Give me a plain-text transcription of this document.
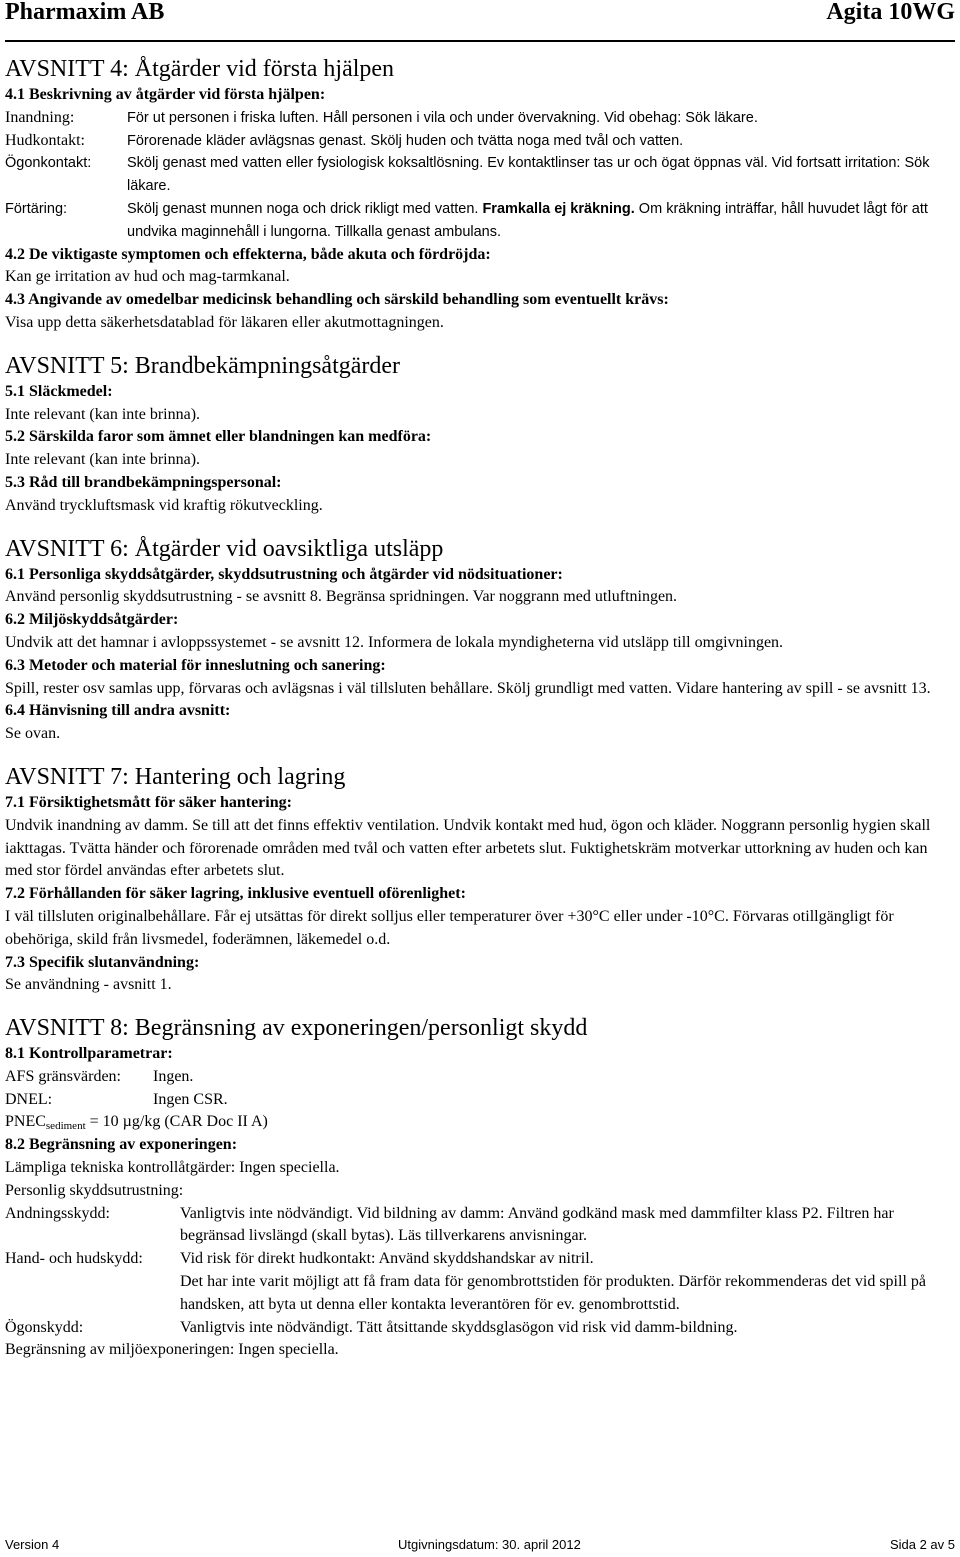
Pharmaxim AB	Agita 10WG
AVSNITT 4: Åtgärder vid första hjälpen
4.1 Beskrivning av åtgärder vid första hjälpen:
Inandning:	För ut personen i friska luften. Håll personen i vila och under övervakning. Vid obehag: Sök läkare.
Hudkontakt:	Förorenade kläder avlägsnas genast. Skölj huden och tvätta noga med tvål och vatten.
Ögonkontakt:	Skölj genast med vatten eller fysiologisk koksaltlösning. Ev kontaktlinser tas ur och ögat öppnas väl. Vid fortsatt irritation: Sök läkare.
Förtäring:	Skölj genast munnen noga och drick rikligt med vatten. Framkalla ej kräkning. Om kräkning inträffar, håll huvudet lågt för att undvika maginnehåll i lungorna. Tillkalla genast ambulans.
4.2 De viktigaste symptomen och effekterna, både akuta och fördröjda:
Kan ge irritation av hud och mag-tarmkanal.
4.3 Angivande av omedelbar medicinsk behandling och särskild behandling som eventuellt krävs:
Visa upp detta säkerhetsdatablad för läkaren eller akutmottagningen.
AVSNITT 5: Brandbekämpningsåtgärder
5.1 Släckmedel:
Inte relevant (kan inte brinna).
5.2 Särskilda faror som ämnet eller blandningen kan medföra:
Inte relevant (kan inte brinna).
5.3 Råd till brandbekämpningspersonal:
Använd tryckluftsmask vid kraftig rökutveckling.
AVSNITT 6: Åtgärder vid oavsiktliga utsläpp
6.1 Personliga skyddsåtgärder, skyddsutrustning och åtgärder vid nödsituationer:
Använd personlig skyddsutrustning - se avsnitt 8. Begränsa spridningen. Var noggrann med utluftningen.
6.2 Miljöskyddsåtgärder:
Undvik att det hamnar i avloppssystemet - se avsnitt 12. Informera de lokala myndigheterna vid utsläpp till omgivningen.
6.3 Metoder och material för inneslutning och sanering:
Spill, rester osv samlas upp, förvaras och avlägsnas i väl tillsluten behållare. Skölj grundligt med vatten. Vidare hantering av spill - se avsnitt 13.
6.4 Hänvisning till andra avsnitt:
Se ovan.
AVSNITT 7: Hantering och lagring
7.1 Försiktighetsmått för säker hantering:
Undvik inandning av damm. Se till att det finns effektiv ventilation. Undvik kontakt med hud, ögon och kläder. Noggrann personlig hygien skall iakttagas. Tvätta händer och förorenade områden med tvål och vatten efter arbetets slut. Fuktighetskräm motverkar uttorkning av huden och kan med stor fördel användas efter arbetets slut.
7.2 Förhållanden för säker lagring, inklusive eventuell oförenlighet:
I väl tillsluten originalbehållare. Får ej utsättas för direkt solljus eller temperaturer över +30°C eller under -10°C. Förvaras otillgängligt för obehöriga, skild från livsmedel, foderämnen, läkemedel o.d.
7.3 Specifik slutanvändning:
Se användning - avsnitt 1.
AVSNITT 8: Begränsning av exponeringen/personligt skydd
8.1 Kontrollparametrar:
AFS gränsvärden: Ingen.
DNEL:	Ingen CSR.
$PNEC_{sediment} = 10$ µg/kg (CAR Doc II A)
8.2 Begränsning av exponeringen:
Lämpliga tekniska kontrollåtgärder: Ingen speciella.
Personlig skyddsutrustning:
Andningsskydd:	Vanligtvis inte nödvändigt. Vid bildning av damm: Använd godkänd mask med dammfilter klass P2. Filtren har begränsad livslängd (skall bytas). Läs tillverkarens anvisningar.
Hand- och hudskydd:	Vid risk för direkt hudkontakt: Använd skyddshandskar av nitril.
Det har inte varit möjligt att få fram data för genombrottstiden för produkten. Därför rekommenderas det vid spill på handsken, att byta ut denna eller kontakta leverantören för ev. genombrottstid.
Ögonskydd:	Vanligtvis inte nödvändigt. Tätt åtsittande skyddsglasögon vid risk vid damm-bildning.
Begränsning av miljöexponeringen: Ingen speciella.
Version 4	Utgivningsdatum: 30. april 2012	Sida 2 av 5
